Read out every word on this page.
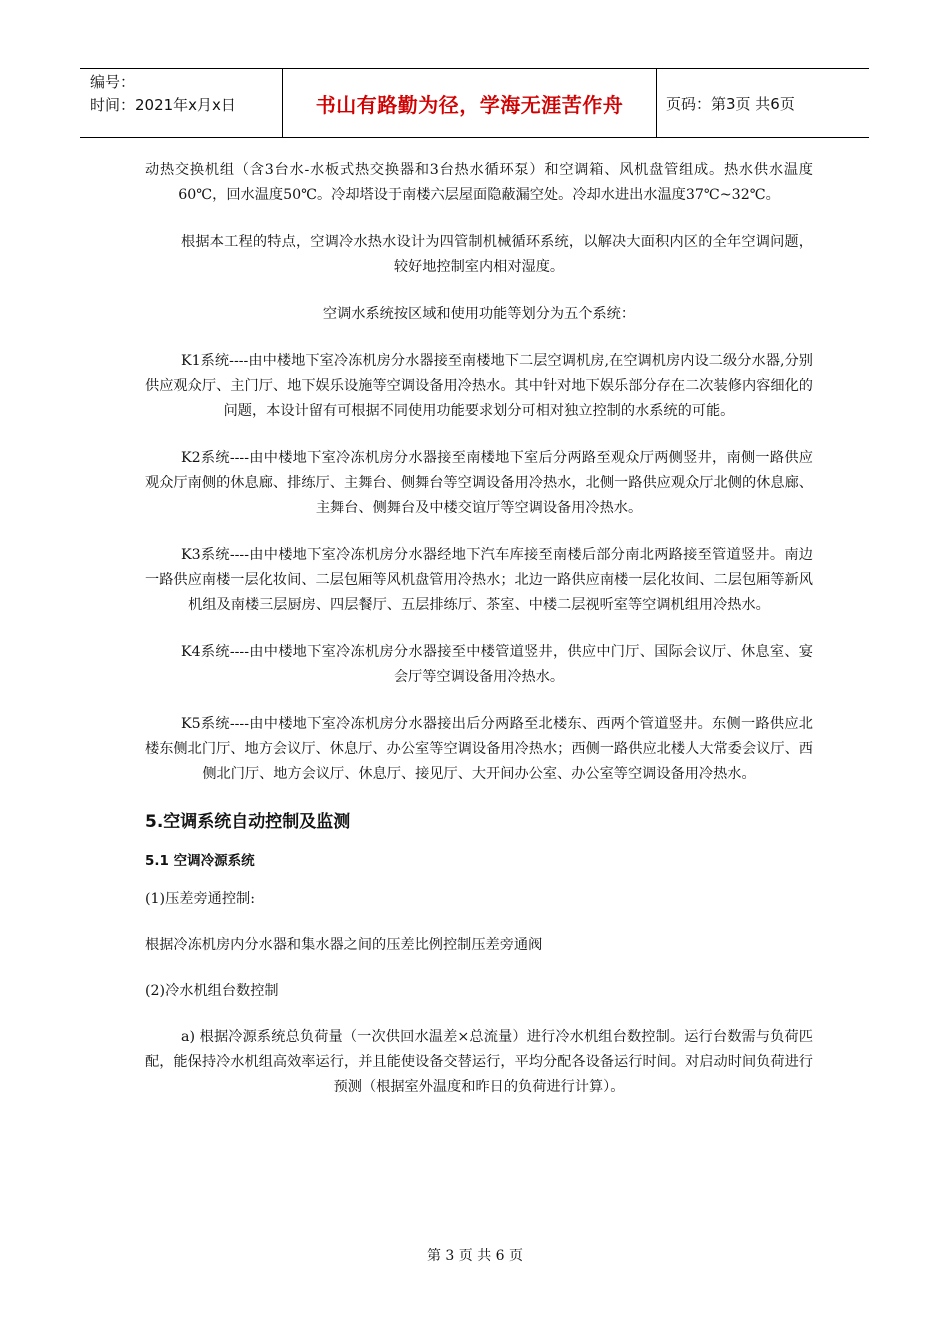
编号：
时间：2021年x月x日	书山有路勤为径，学海无涯苦作舟	页码：第3页 共6页

动热交换机组（含3台水-水板式热交换器和3台热水循环泵）和空调箱、风机盘管组成。热水供水温度60℃，回水温度50℃。冷却塔设于南楼六层屋面隐蔽漏空处。冷却水进出水温度37℃~32℃。

根据本工程的特点，空调冷水热水设计为四管制机械循环系统，以解决大面积内区的全年空调问题，较好地控制室内相对湿度。

空调水系统按区域和使用功能等划分为五个系统：

K1系统----由中楼地下室冷冻机房分水器接至南楼地下二层空调机房,在空调机房内设二级分水器,分别供应观众厅、主门厅、地下娱乐设施等空调设备用冷热水。其中针对地下娱乐部分存在二次装修内容细化的问题，本设计留有可根据不同使用功能要求划分可相对独立控制的水系统的可能。

K2系统----由中楼地下室冷冻机房分水器接至南楼地下室后分两路至观众厅两侧竖井，南侧一路供应观众厅南侧的休息廊、排练厅、主舞台、侧舞台等空调设备用冷热水，北侧一路供应观众厅北侧的休息廊、主舞台、侧舞台及中楼交谊厅等空调设备用冷热水。

K3系统----由中楼地下室冷冻机房分水器经地下汽车库接至南楼后部分南北两路接至管道竖井。南边一路供应南楼一层化妆间、二层包厢等风机盘管用冷热水；北边一路供应南楼一层化妆间、二层包厢等新风机组及南楼三层厨房、四层餐厅、五层排练厅、茶室、中楼二层视听室等空调机组用冷热水。

K4系统----由中楼地下室冷冻机房分水器接至中楼管道竖井，供应中门厅、国际会议厅、休息室、宴会厅等空调设备用冷热水。

K5系统----由中楼地下室冷冻机房分水器接出后分两路至北楼东、西两个管道竖井。东侧一路供应北楼东侧北门厅、地方会议厅、休息厅、办公室等空调设备用冷热水；西侧一路供应北楼人大常委会议厅、西侧北门厅、地方会议厅、休息厅、接见厅、大开间办公室、办公室等空调设备用冷热水。

5.空调系统自动控制及监测
5.1 空调冷源系统

(1)压差旁通控制:

根据冷冻机房内分水器和集水器之间的压差比例控制压差旁通阀

(2)冷水机组台数控制

a) 根据冷源系统总负荷量（一次供回水温差×总流量）进行冷水机组台数控制。运行台数需与负荷匹配，能保持冷水机组高效率运行，并且能使设备交替运行，平均分配各设备运行时间。对启动时间负荷进行预测（根据室外温度和昨日的负荷进行计算）。

第 3 页 共 6 页
